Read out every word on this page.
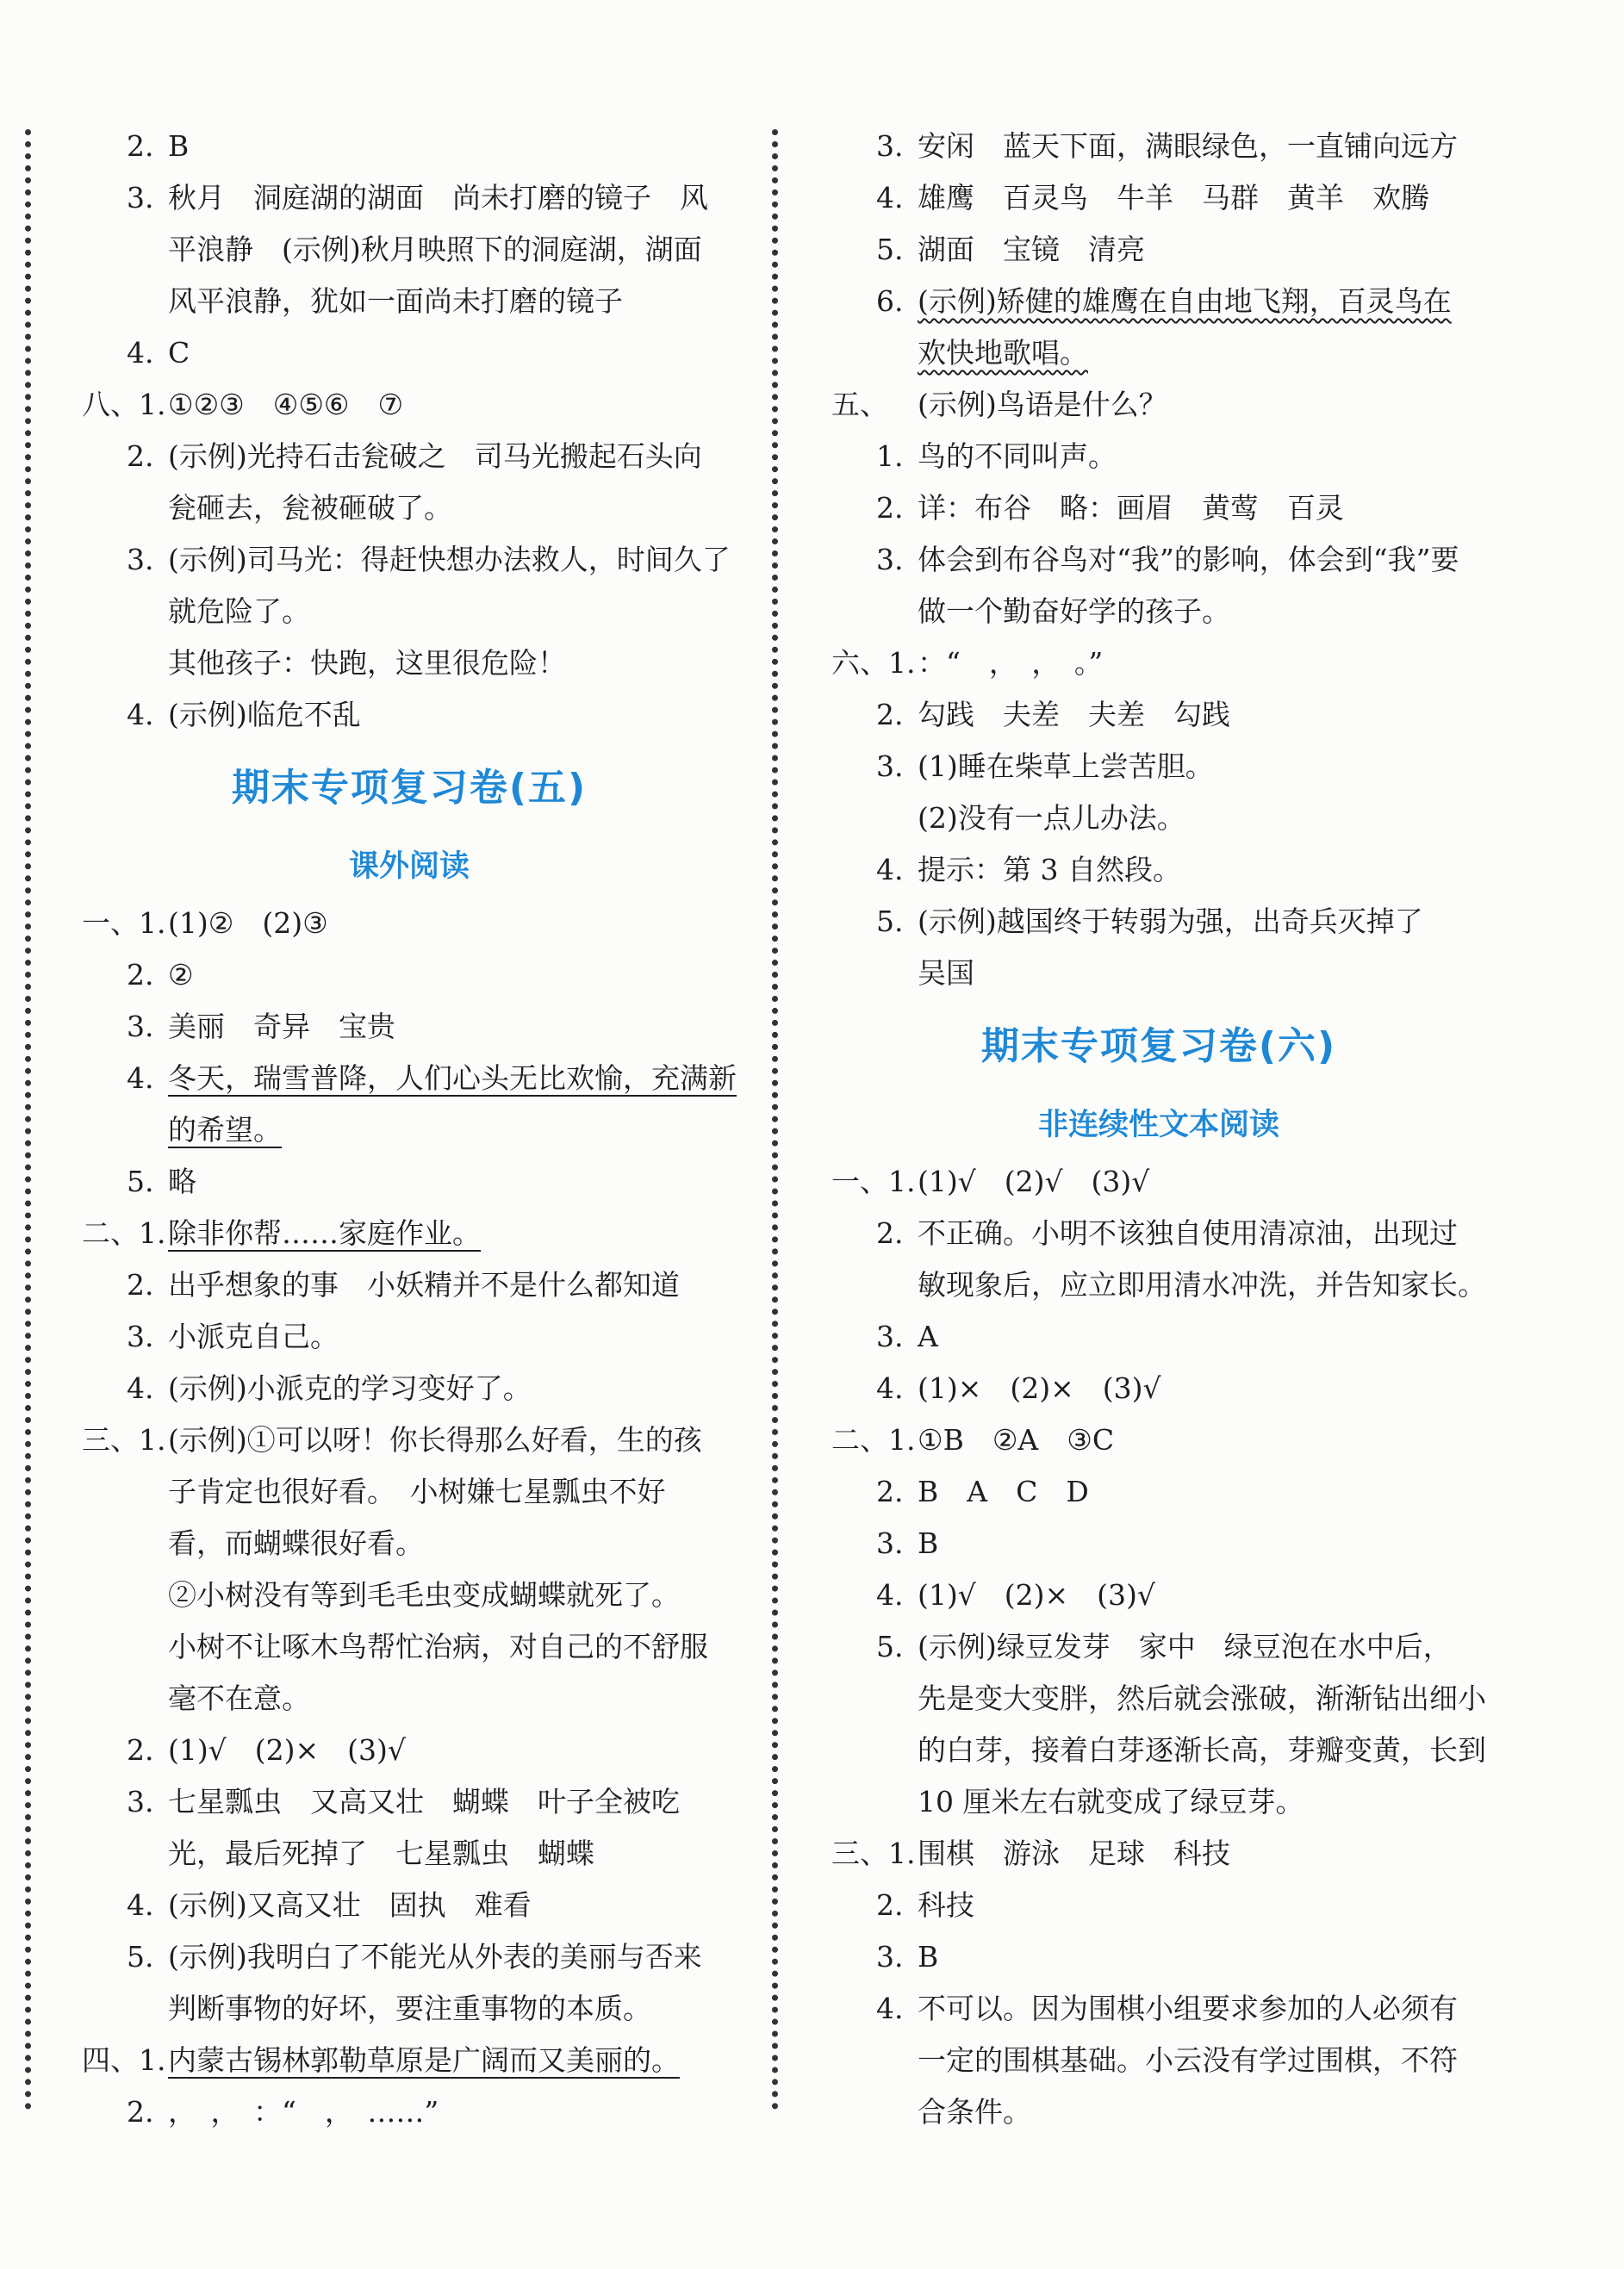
2. B
3. 秋月　洞庭湖的湖面　尚未打磨的镜子　风
平浪静　(示例)秋月映照下的洞庭湖，湖面
风平浪静，犹如一面尚未打磨的镜子
4. C
八、1. ①②③　④⑤⑥　⑦
2. (示例)光持石击瓮破之　司马光搬起石头向
瓮砸去，瓮被砸破了。
3. (示例)司马光：得赶快想办法救人，时间久了
就危险了。
其他孩子：快跑，这里很危险！
4. (示例)临危不乱
期末专项复习卷(五)
课外阅读
一、1. (1)②　(2)③
2. ②
3. 美丽　奇异　宝贵
4. 冬天，瑞雪普降，人们心头无比欢愉，充满新
的希望。
5. 略
二、1. 除非你帮……家庭作业。
2. 出乎想象的事　小妖精并不是什么都知道
3. 小派克自己。
4. (示例)小派克的学习变好了。
三、1. (示例)①可以呀！你长得那么好看，生的孩
子肯定也很好看。　小树嫌七星瓢虫不好
看，而蝴蝶很好看。
②小树没有等到毛毛虫变成蝴蝶就死了。
小树不让啄木鸟帮忙治病，对自己的不舒服
毫不在意。
2. (1)√　(2)×　(3)√
3. 七星瓢虫　又高又壮　蝴蝶　叶子全被吃
光，最后死掉了　七星瓢虫　蝴蝶
4. (示例)又高又壮　固执　难看
5. (示例)我明白了不能光从外表的美丽与否来
判断事物的好坏，要注重事物的本质。
四、1. 内蒙古锡林郭勒草原是广阔而又美丽的。
2. ，　，　：“　，　……”
3. 安闲　蓝天下面，满眼绿色，一直铺向远方
4. 雄鹰　百灵鸟　牛羊　马群　黄羊　欢腾
5. 湖面　宝镜　清亮
6. (示例)矫健的雄鹰在自由地飞翔，百灵鸟在
欢快地歌唱。
五、 (示例)鸟语是什么？
1. 鸟的不同叫声。
2. 详：布谷　略：画眉　黄莺　百灵
3. 体会到布谷鸟对“我”的影响，体会到“我”要
做一个勤奋好学的孩子。
六、1. ：“　，　，　。”
2. 勾践　夫差　夫差　勾践
3. (1)睡在柴草上尝苦胆。
(2)没有一点儿办法。
4. 提示：第 3 自然段。
5. (示例)越国终于转弱为强，出奇兵灭掉了
吴国
期末专项复习卷(六)
非连续性文本阅读
一、1. (1)√　(2)√　(3)√
2. 不正确。小明不该独自使用清凉油，出现过
敏现象后，应立即用清水冲洗，并告知家长。
3. A
4. (1)×　(2)×　(3)√
二、1. ①B　②A　③C
2. B　A　C　D
3. B
4. (1)√　(2)×　(3)√
5. (示例)绿豆发芽　家中　绿豆泡在水中后，
先是变大变胖，然后就会涨破，渐渐钻出细小
的白芽，接着白芽逐渐长高，芽瓣变黄，长到
10 厘米左右就变成了绿豆芽。
三、1. 围棋　游泳　足球　科技
2. 科技
3. B
4. 不可以。因为围棋小组要求参加的人必须有
一定的围棋基础。小云没有学过围棋，不符
合条件。
